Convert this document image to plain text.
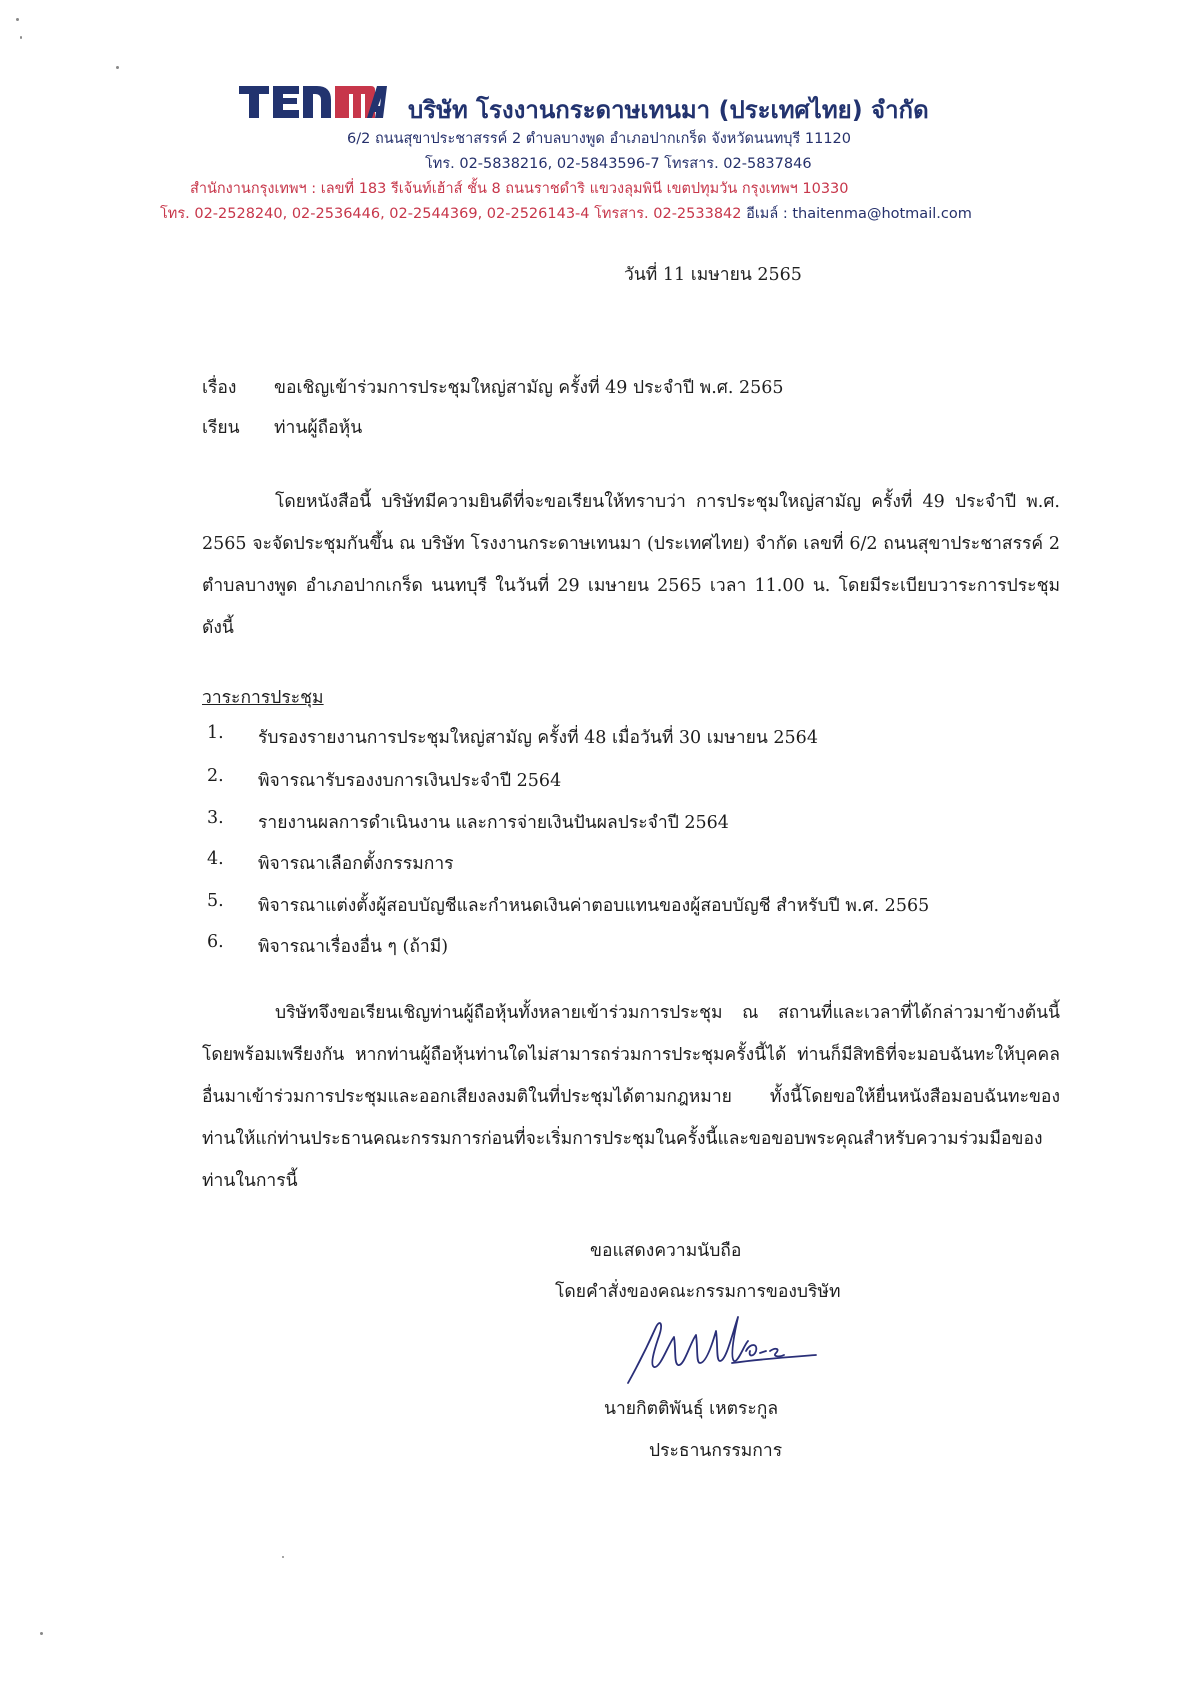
บริษัท โรงงานกระดาษเทนมา (ประเทศไทย) จำกัด
6/2 ถนนสุขาประชาสรรค์ 2 ตำบลบางพูด อำเภอปากเกร็ด จังหวัดนนทบุรี 11120
โทร. 02-5838216, 02-5843596-7 โทรสาร. 02-5837846
สำนักงานกรุงเทพฯ : เลขที่ 183 รีเจ้นท์เฮ้าส์ ชั้น 8 ถนนราชดำริ แขวงลุมพินี เขตปทุมวัน กรุงเทพฯ 10330
โทร. 02-2528240, 02-2536446, 02-2544369, 02-2526143-4 โทรสาร. 02-2533842 อีเมล์ : thaitenma@hotmail.com
วันที่ 11 เมษายน 2565
เรื่อง ขอเชิญเข้าร่วมการประชุมใหญ่สามัญ ครั้งที่ 49 ประจำปี พ.ศ. 2565
เรียน ท่านผู้ถือหุ้น

โดยหนังสือนี้ บริษัทมีความยินดีที่จะขอเรียนให้ทราบว่า การประชุมใหญ่สามัญ ครั้งที่ 49 ประจำปี พ.ศ. 2565 จะจัดประชุมกันขึ้น ณ บริษัท โรงงานกระดาษเทนมา (ประเทศไทย) จำกัด เลขที่ 6/2 ถนนสุขาประชาสรรค์ 2 ตำบลบางพูด อำเภอปากเกร็ด นนทบุรี ในวันที่ 29 เมษายน 2565 เวลา 11.00 น. โดยมีระเบียบวาระการประชุม ดังนี้

วาระการประชุม
1. รับรองรายงานการประชุมใหญ่สามัญ ครั้งที่ 48 เมื่อวันที่ 30 เมษายน 2564
2. พิจารณารับรองงบการเงินประจำปี 2564
3. รายงานผลการดำเนินงาน และการจ่ายเงินปันผลประจำปี 2564
4. พิจารณาเลือกตั้งกรรมการ
5. พิจารณาแต่งตั้งผู้สอบบัญชีและกำหนดเงินค่าตอบแทนของผู้สอบบัญชี สำหรับปี พ.ศ. 2565
6. พิจารณาเรื่องอื่น ๆ (ถ้ามี)

บริษัทจึงขอเรียนเชิญท่านผู้ถือหุ้นทั้งหลายเข้าร่วมการประชุม ณ สถานที่และเวลาที่ได้กล่าวมาข้างต้นนี้ โดยพร้อมเพรียงกัน หากท่านผู้ถือหุ้นท่านใดไม่สามารถร่วมการประชุมครั้งนี้ได้ ท่านก็มีสิทธิที่จะมอบฉันทะให้บุคคลอื่นมาเข้าร่วมการประชุมและออกเสียงลงมติในที่ประชุมได้ตามกฎหมาย ทั้งนี้โดยขอให้ยื่นหนังสือมอบฉันทะของท่านให้แก่ท่านประธานคณะกรรมการก่อนที่จะเริ่มการประชุมในครั้งนี้และขอขอบพระคุณสำหรับความร่วมมือของท่านในการนี้

ขอแสดงความนับถือ
โดยคำสั่งของคณะกรรมการของบริษัท
นายกิตติพันธุ์ เหตระกูล
ประธานกรรมการ
